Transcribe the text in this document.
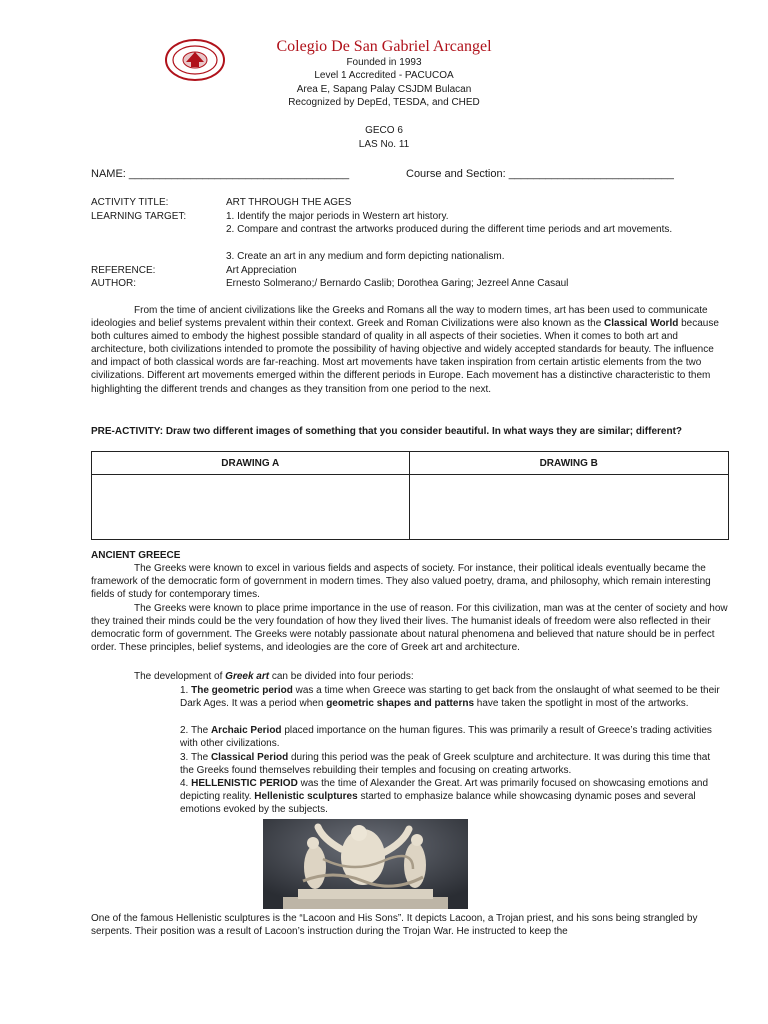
Colegio De San Gabriel Arcangel
Founded in 1993
Level 1 Accredited - PACUCOA
Area E, Sapang Palay CSJDM Bulacan
Recognized by DepEd, TESDA, and CHED
GECO 6
LAS No. 11
NAME: ____________________________________	Course and Section: ___________________________
ACTIVITY TITLE:	ART THROUGH THE AGES
LEARNING TARGET:	1. Identify the major periods in Western art history.
2. Compare and contrast the artworks produced during the different time periods and art movements.
3. Create an art in any medium and form depicting nationalism.
REFERENCE:	Art Appreciation
AUTHOR:	Ernesto Solmerano;/ Bernardo Caslib; Dorothea Garing; Jezreel Anne Casaul
From the time of ancient civilizations like the Greeks and Romans all the way to modern times, art has been used to communicate ideologies and belief systems prevalent within their context. Greek and Roman Civilizations were also known as the Classical World because both cultures aimed to embody the highest possible standard of quality in all aspects of their societies. When it comes to both art and architecture, both civilizations intended to promote the possibility of having objective and widely accepted standards for beauty. The influence and impact of both classical words are far-reaching. Most art movements have taken inspiration from certain artistic elements from the two civilizations. Different art movements emerged within the different periods in Europe. Each movement has a distinctive characteristic to them highlighting the different trends and changes as they transition from one period to the next.
PRE-ACTIVITY: Draw two different images of something that you consider beautiful. In what ways they are similar; different?
DRAWING A	DRAWING B

ANCIENT GREECE
The Greeks were known to excel in various fields and aspects of society. For instance, their political ideals eventually became the framework of the democratic form of government in modern times. They also valued poetry, drama, and philosophy, which remain interesting fields of study for contemporary times.
The Greeks were known to place prime importance in the use of reason. For this civilization, man was at the center of society and how they trained their minds could be the very foundation of how they lived their lives. The humanist ideals of freedom were also reflected in their democratic form of government. The Greeks were notably passionate about natural phenomena and believed that nature should be in perfect order. These principles, belief systems, and ideologies are the core of Greek art and architecture.
The development of Greek art can be divided into four periods:
1. The geometric period was a time when Greece was starting to get back from the onslaught of what seemed to be their Dark Ages. It was a period when geometric shapes and patterns have taken the spotlight in most of the artworks.
2. The Archaic Period placed importance on the human figures. This was primarily a result of Greece’s trading activities with other civilizations.
3. The Classical Period during this period was the peak of Greek sculpture and architecture. It was during this time that the Greeks found themselves rebuilding their temples and focusing on creating artworks.
4. HELLENISTIC PERIOD was the time of Alexander the Great. Art was primarily focused on showcasing emotions and depicting reality. Hellenistic sculptures started to emphasize balance while showcasing dynamic poses and several emotions evoked by the subjects.
One of the famous Hellenistic sculptures is the “Lacoon and His Sons”. It depicts Lacoon, a Trojan priest, and his sons being strangled by serpents. Their position was a result of Lacoon’s instruction during the Trojan War. He instructed to keep the
